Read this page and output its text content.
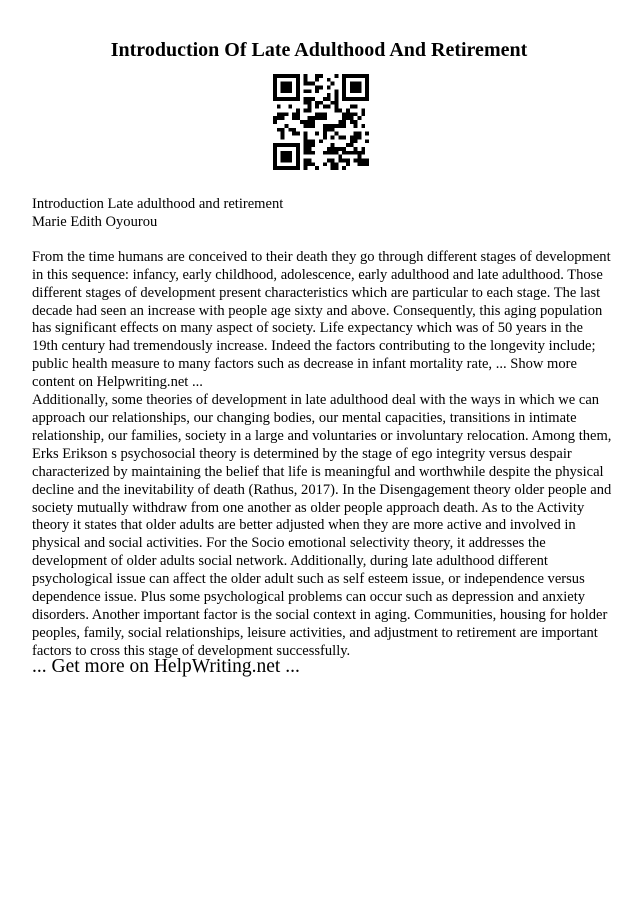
Introduction Of Late Adulthood And Retirement

Introduction Late adulthood and retirement

Marie Edith Oyourou

From the time humans are conceived to their death they go through different stages of development in this sequence: infancy, early childhood, adolescence, early adulthood and late adulthood. Those different stages of development present characteristics which are particular to each stage. The last decade had seen an increase with people age sixty and above. Consequently, this aging population has significant effects on many aspect of society. Life expectancy which was of 50 years in the 19th century had tremendously increase. Indeed the factors contributing to the longevity include; public health measure to many factors such as decrease in infant mortality rate, ... Show more content on Helpwriting.net ...

Additionally, some theories of development in late adulthood deal with the ways in which we can approach our relationships, our changing bodies, our mental capacities, transitions in intimate relationship, our families, society in a large and voluntaries or involuntary relocation. Among them, Erks Erikson s psychosocial theory is determined by the stage of ego integrity versus despair characterized by maintaining the belief that life is meaningful and worthwhile despite the physical decline and the inevitability of death (Rathus, 2017). In the Disengagement theory older people and society mutually withdraw from one another as older people approach death. As to the Activity theory it states that older adults are better adjusted when they are more active and involved in physical and social activities. For the Socio emotional selectivity theory, it addresses the development of older adults social network. Additionally, during late adulthood different psychological issue can affect the older adult such as self esteem issue, or independence versus dependence issue. Plus some psychological problems can occur such as depression and anxiety disorders. Another important factor is the social context in aging. Communities, housing for holder peoples, family, social relationships, leisure activities, and adjustment to retirement are important factors to cross this stage of development successfully.

... Get more on HelpWriting.net ...
